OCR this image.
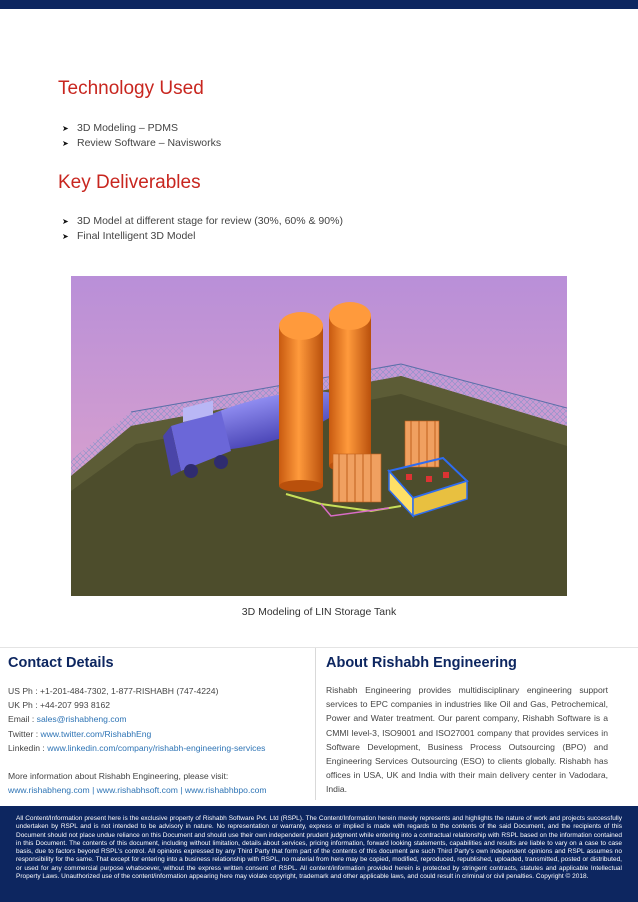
Technology Used
➤ 3D Modeling – PDMS
➤ Review Software – Navisworks
Key Deliverables
➤ 3D Model at different stage for review (30%, 60% & 90%)
➤ Final Intelligent 3D Model
3D Modeling of LIN Storage Tank
Contact Details
US Ph : +1-201-484-7302, 1-877-RISHABH (747-4224)
UK Ph : +44-207 993 8162
Email : sales@rishabheng.com
Twitter : www.twitter.com/RishabhEng
Linkedin : www.linkedin.com/company/rishabh-engineering-services
More information about Rishabh Engineering, please visit:
www.rishabheng.com | www.rishabhsoft.com | www.rishabhbpo.com
About Rishabh Engineering
Rishabh Engineering provides multidisciplinary engineering support services to EPC companies in industries like Oil and Gas, Petrochemical, Power and Water treatment. Our parent company, Rishabh Software is a CMMI level-3, ISO9001 and ISO27001 company that provides services in Software Development, Business Process Outsourcing (BPO) and Engineering Services Outsourcing (ESO) to clients globally. Rishabh has offices in USA, UK and India with their main delivery center in Vadodara, India.
All Content/Information present here is the exclusive property of Rishabh Software Pvt. Ltd (RSPL). The Content/Information herein merely represents and highlights the nature of work and projects successfully undertaken by RSPL and is not intended to be advisory in nature. No representation or warranty, express or implied is made with regards to the contents of the said Document, and the recipients of this Document should not place undue reliance on this Document and should use their own independent prudent judgment while entering into a contractual relationship with RSPL based on the information contained in this Document. The contents of this document, including without limitation, details about services, pricing information, forward looking statements, capabilities and results are liable to vary on a case to case basis, due to factors beyond RSPL's control. All opinions expressed by any Third Party that form part of the contents of this document are such Third Party's own independent opinions and RSPL assumes no responsibility for the same. That except for entering into a business relationship with RSPL, no material from here may be copied, modified, reproduced, republished, uploaded, transmitted, posted or distributed, or used for any commercial purpose whatsoever, without the express written consent of RSPL. All content/information provided herein is protected by stringent contracts, statutes and applicable Intellectual Property Laws. Unauthorized use of the content/information appearing here may violate copyright, trademark and other applicable laws, and could result in criminal or civil penalties. Copyright © 2018.
